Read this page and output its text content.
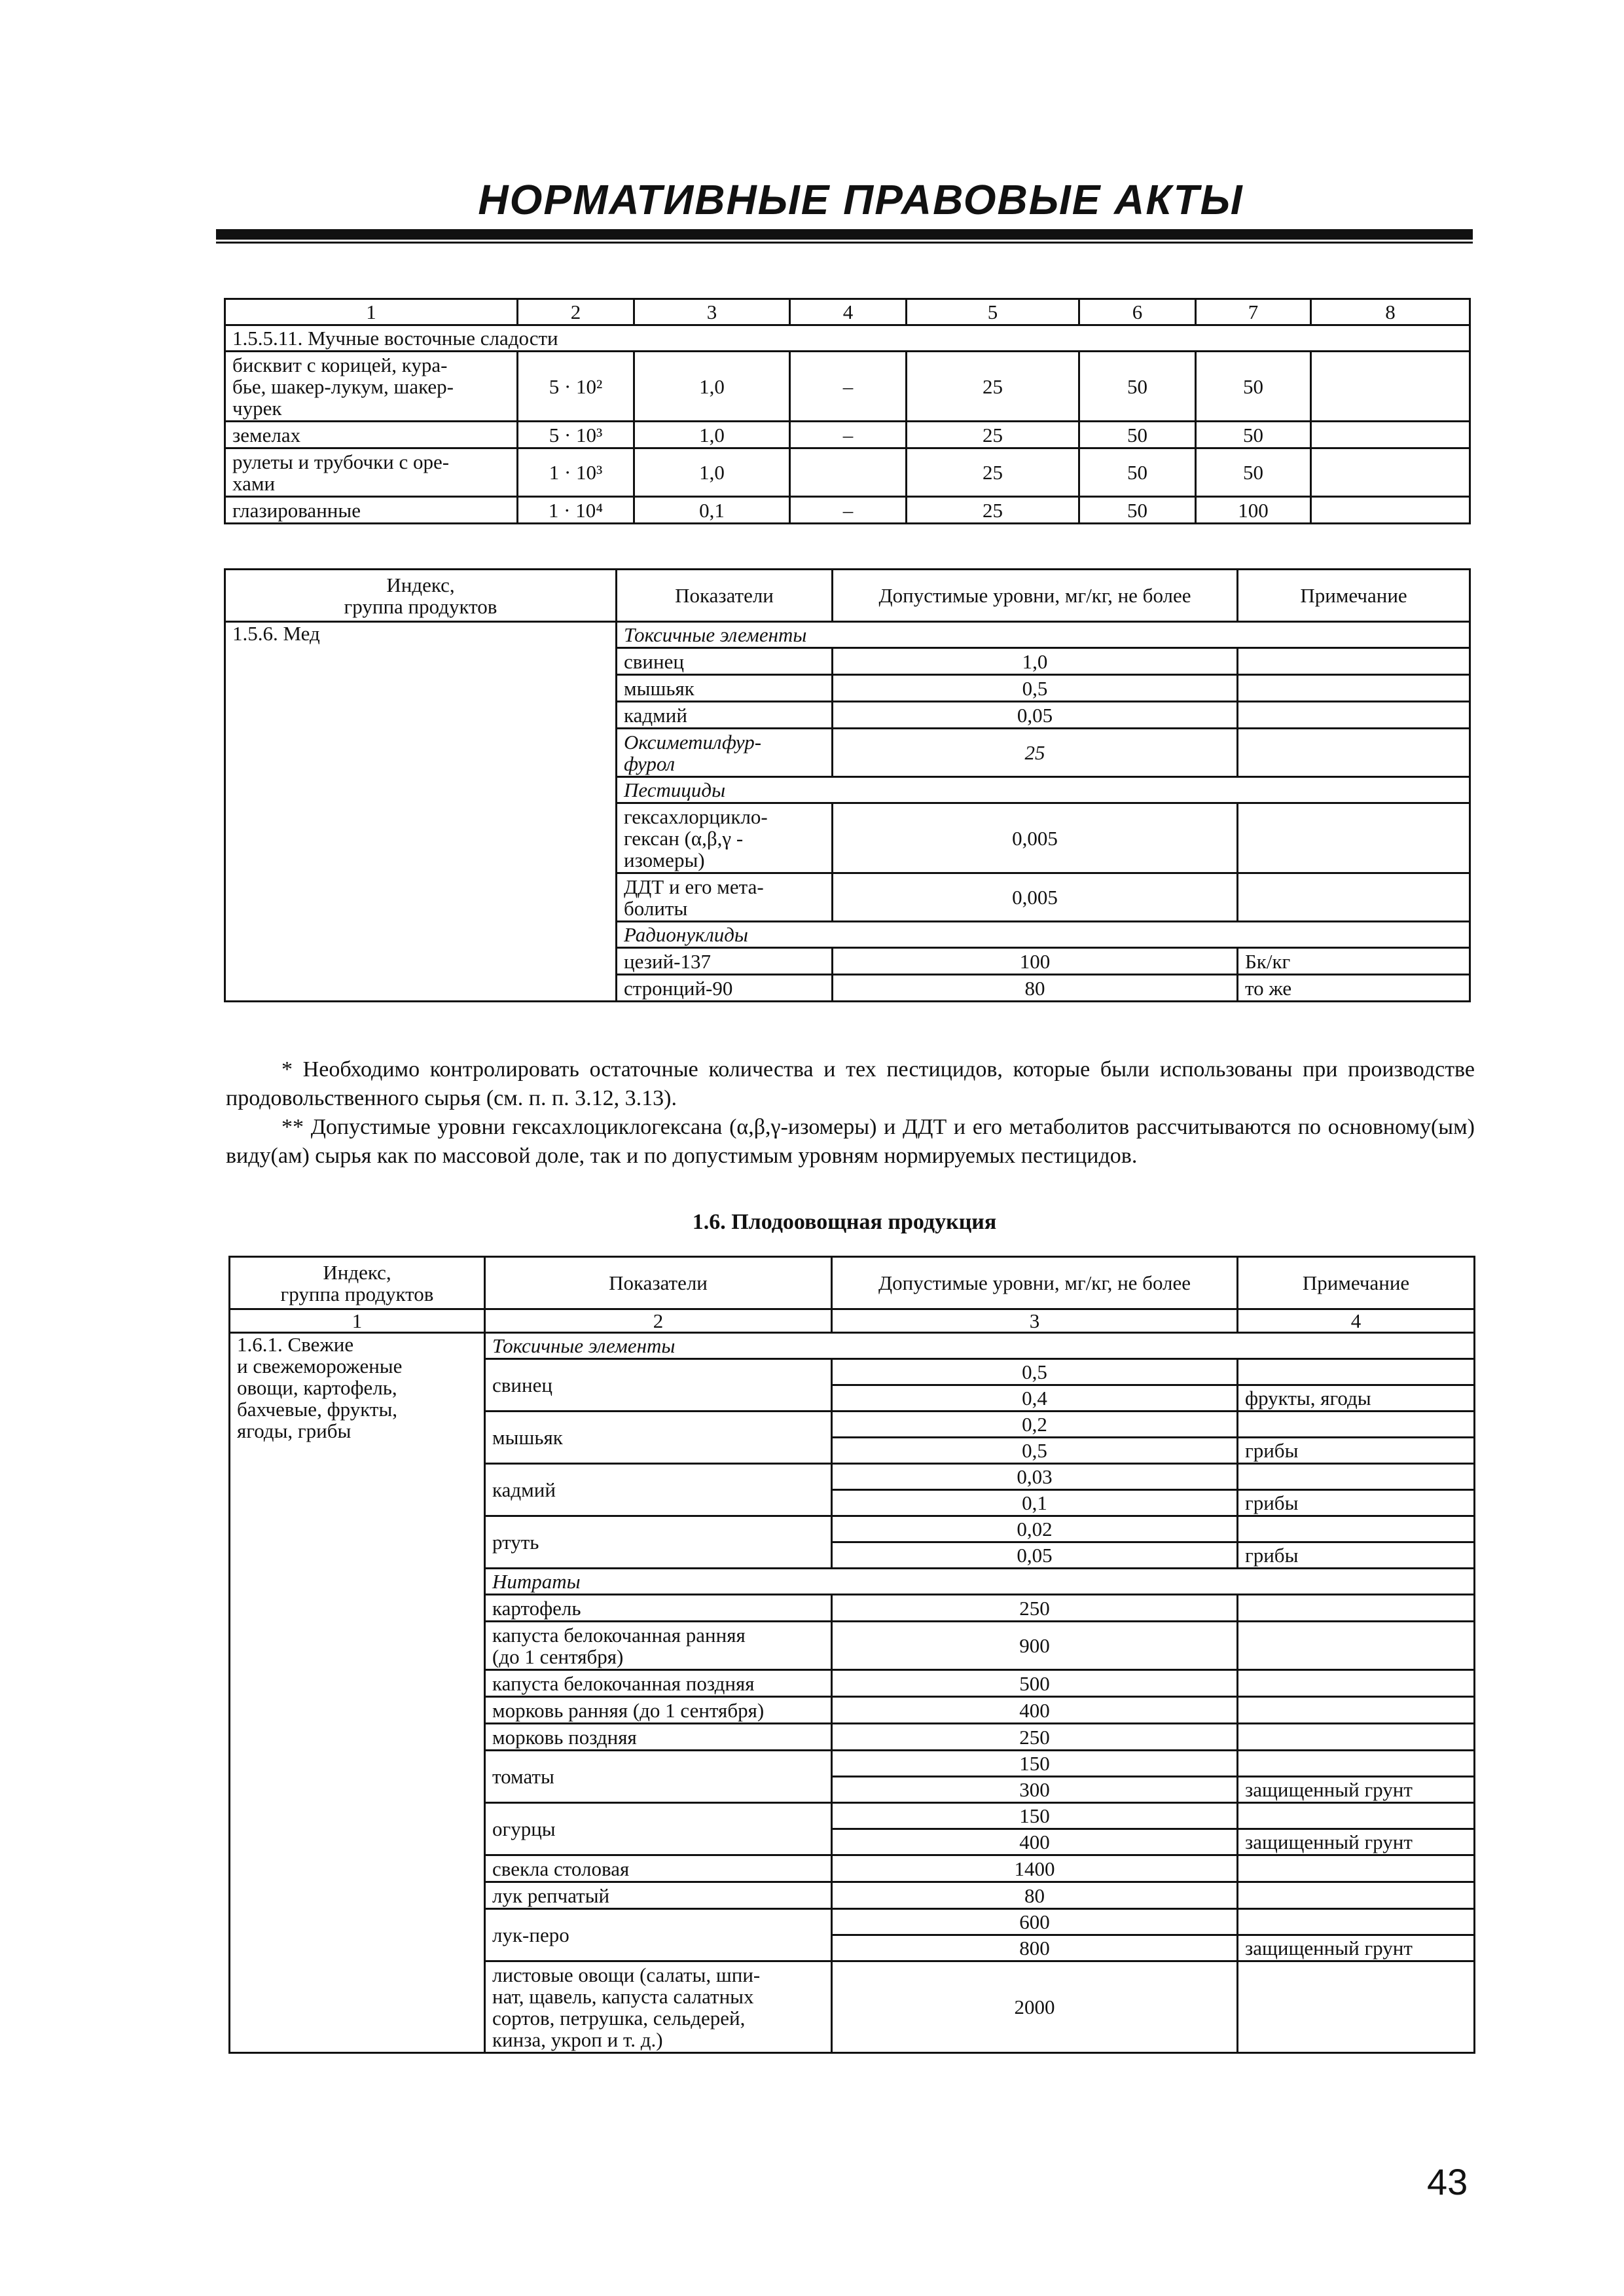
НОРМАТИВНЫЕ ПРАВОВЫЕ АКТЫ
1	2	3	4	5	6	7	8
1.5.5.11. Мучные восточные сладости							
бисквит с корицей, кура-
бье, шакер-лукум, шакер-
чурек	5 · 10²	1,0	–	25	50	50	
земелах	5 · 10³	1,0	–	25	50	50	
рулеты и трубочки с оре-
хами	1 · 10³	1,0		25	50	50	
глазированные	1 · 10⁴	0,1	–	25	50	100	
Индекс,
группа продуктов	Показатели	Допустимые уровни, мг/кг, не более	Примечание
1.5.6. Мед	Токсичные элементы		
	свинец	1,0	
	мышьяк	0,5	
	кадмий	0,05	
	Оксиметилфур-
фурол	25	
	Пестициды		
	гексахлорцикло-
гексан (α,β,γ -
изомеры)	0,005	
	ДДТ и его мета-
болиты	0,005	
	Радионуклиды		
	цезий-137	100	Бк/кг
	стронций-90	80	то же
* Необходимо контролировать остаточные количества и тех пестицидов, которые были использованы при производстве продовольственного сырья (см. п. п. 3.12, 3.13).
** Допустимые уровни гексахлоциклогексана (α,β,γ-изомеры) и ДДТ и его метаболитов рассчитываются по основному(ым) виду(ам) сырья как по массовой доле, так и по допустимым уровням нормируемых пестицидов.
1.6. Плодоовощная продукция
Индекс,
группа продуктов	Показатели	Допустимые уровни, мг/кг, не более	Примечание
1	2	3	4
1.6.1. Свежие
и свежемороженые
овощи, картофель,
бахчевые, фрукты,
ягоды, грибы	Токсичные элементы		
	свинец	0,5	
		0,4	фрукты, ягоды
	мышьяк	0,2	
		0,5	грибы
	кадмий	0,03	
		0,1	грибы
	ртуть	0,02	
		0,05	грибы
	Нитраты		
	картофель	250	
	капуста белокочанная ранняя
(до 1 сентября)	900	
	капуста белокочанная поздняя	500	
	морковь ранняя (до 1 сентября)	400	
	морковь поздняя	250	
	томаты	150	
		300	защищенный грунт
	огурцы	150	
		400	защищенный грунт
	свекла столовая	1400	
	лук репчатый	80	
	лук-перо	600	
		800	защищенный грунт
	листовые овощи (салаты, шпи-
нат, щавель, капуста салатных
сортов, петрушка, сельдерей,
кинза, укроп и т. д.)	2000	
43
